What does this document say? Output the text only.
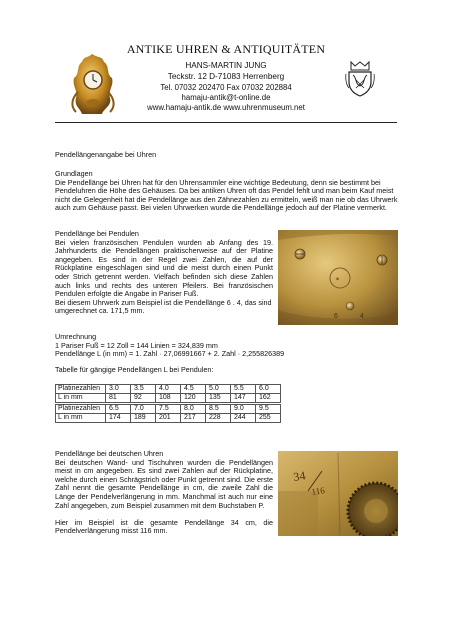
ANTIKE UHREN & ANTIQUITÄTEN
HANS-MARTIN JUNG
Teckstr. 12 D-71083 Herrenberg
Tel. 07032 202470 Fax 07032 202884
hamaju-antik@t-online.de
www.hamaju-antik.de www.uhrenmuseum.net
Pendellängenangabe bei Uhren
Grundlagen
Die Pendellänge bei Uhren hat für den Uhrensammler eine wichtige Bedeutung, denn sie bestimmt bei Pendeluhren die Höhe des Gehäuses. Da bei antiken Uhren oft das Pendel fehlt und man beim Kauf meist nicht die Gelegenheit hat die Pendellänge aus den Zähnezahlen zu ermitteln, weiß man nie ob das Uhrwerk auch zum Gehäuse passt. Bei vielen Uhrwerken wurde die Pendellänge jedoch auf der Platine vermerkt.
Pendellänge bei Pendulen
Bei vielen französischen Pendulen wurden ab Anfang des 19. Jahrhunderts die Pendellängen praktischerweise auf der Platine angegeben. Es sind in der Regel zwei Zahlen, die auf der Rückplatine eingeschlagen sind und die meist durch einen Punkt oder Strich getrennt werden. Vielfach befinden sich diese Zahlen auch links und rechts des unteren Pfeilers. Bei französischen Pendulen erfolgte die Angabe in Pariser Fuß.
Bei diesem Uhrwerk zum Beispiel ist die Pendellänge 6 . 4, das sind umgerechnet ca. 171,5 mm.
✶
6	4
Umrechnung
1 Pariser Fuß = 12 Zoll = 144 Linien = 324,839 mm
Pendellänge L (in mm) = 1. Zahl · 27,06991667 + 2. Zahl · 2,255826389
Tabelle für gängige Pendellängen L bei Pendulen:
Platinezahlen	3.0	3.5	4.0	4.5	5.0	5.5	6.0
L in mm	81	92	108	120	135	147	162
Platinezahlen	6.5	7.0	7.5	8.0	8.5	9.0	9.5
L in mm	174	189	201	217	228	244	255
Pendellänge bei deutschen Uhren
Bei deutschen Wand- und Tischuhren wurden die Pendellängen meist in cm angegeben. Es sind zwei Zahlen auf der Rückplatine, welche durch einen Schrägstrich oder Punkt getrennt sind. Die erste Zahl nennt die gesamte Pendellänge in cm, die zweile Zahl die Länge der Pendelverlängerung in mm. Manchmal ist auch nur eine Zahl angegeben, zum Beispiel zusammen mit dem Buchstaben P.
Hier im Beispiel ist die gesamte Pendellänge 34 cm, die Pendelverlängerung misst 116 mm.
34
116
